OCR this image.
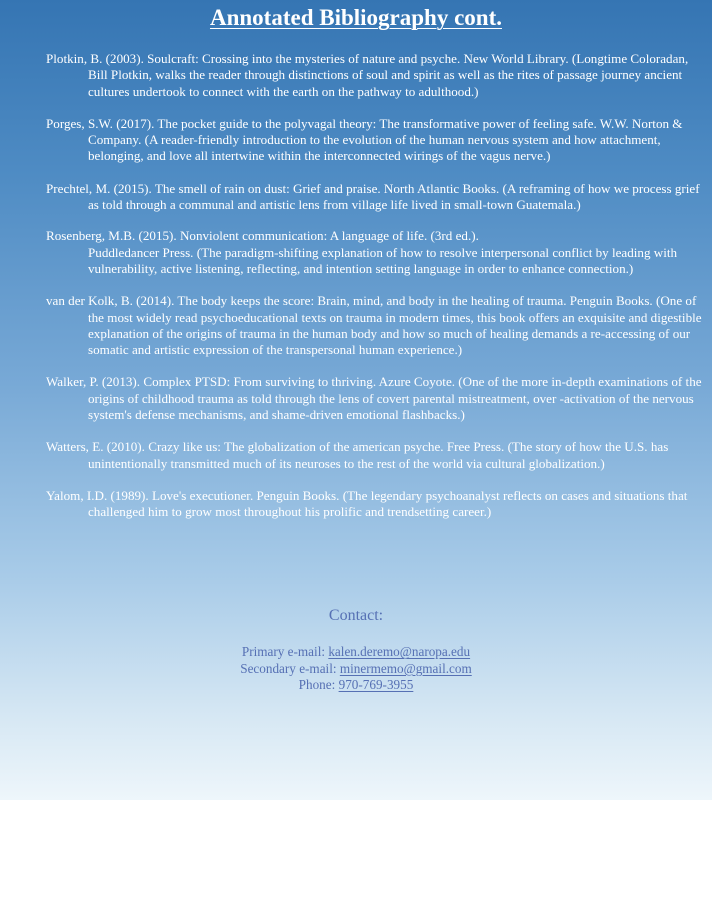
Annotated Bibliography cont.

Plotkin, B. (2003). Soulcraft: Crossing into the mysteries of nature and psyche. New World Library. (Longtime Coloradan, Bill Plotkin, walks the reader through distinctions of soul and spirit as well as the rites of passage journey ancient cultures undertook to connect with the earth on the pathway to adulthood.)

Porges, S.W. (2017). The pocket guide to the polyvagal theory: The transformative power of feeling safe. W.W. Norton & Company. (A reader-friendly introduction to the evolution of the human nervous system and how attachment, belonging, and love all intertwine within the interconnected wirings of the vagus nerve.)

Prechtel, M. (2015). The smell of rain on dust: Grief and praise. North Atlantic Books. (A reframing of how we process grief as told through a communal and artistic lens from village life lived in small-town Guatemala.)

Rosenberg, M.B. (2015). Nonviolent communication: A language of life. (3rd ed.).
Puddledancer Press. (The paradigm-shifting explanation of how to resolve interpersonal conflict by leading with vulnerability, active listening, reflecting, and intention setting language in order to enhance connection.)

van der Kolk, B. (2014). The body keeps the score: Brain, mind, and body in the healing of trauma. Penguin Books. (One of the most widely read psychoeducational texts on trauma in modern times, this book offers an exquisite and digestible explanation of the origins of trauma in the human body and how so much of healing demands a re-accessing of our somatic and artistic expression of the transpersonal human experience.)

Walker, P. (2013). Complex PTSD: From surviving to thriving. Azure Coyote. (One of the more in-depth examinations of the origins of childhood trauma as told through the lens of covert parental mistreatment, over -activation of the nervous system's defense mechanisms, and shame-driven emotional flashbacks.)

Watters, E. (2010). Crazy like us: The globalization of the american psyche. Free Press. (The story of how the U.S. has unintentionally transmitted much of its neuroses to the rest of the world via cultural globalization.)

Yalom, I.D. (1989). Love's executioner. Penguin Books. (The legendary psychoanalyst reflects on cases and situations that challenged him to grow most throughout his prolific and trendsetting career.)

Contact:

Primary e-mail: kalen.deremo@naropa.edu

Secondary e-mail: minermemo@gmail.com

Phone: 970-769-3955
